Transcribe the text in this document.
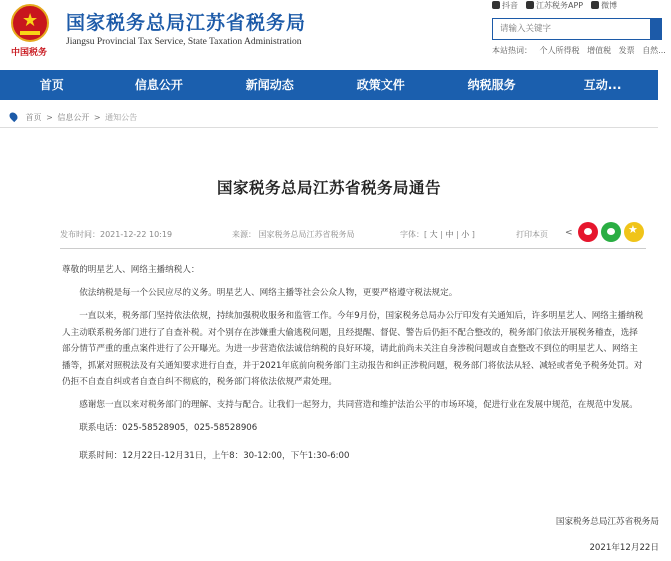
★
中国税务
国家税务总局江苏省税务局
Jiangsu Provincial Tax Service, State Taxation Administration
抖音	江苏税务APP	微博
请输入关键字
本站热词： 个人所得税 增值税 发票 自然...
首页	信息公开	新闻动态	政策文件	纳税服务	互动...
首页 > 信息公开 > 通知公告
国家税务总局江苏省税务局通告
发布时间：2021-12-22 10:19	来源： 国家税务总局江苏省税务局	字体：[ 大 | 中 | 小 ]	打印本页 <
★

尊敬的明星艺人、网络主播纳税人：

依法纳税是每一个公民应尽的义务。明星艺人、网络主播等社会公众人物，更要严格遵守税法规定。

一直以来，税务部门坚持依法依规，持续加强税收服务和监管工作。今年9月份，国家税务总局办公厅印发有关通知后，许多明星艺人、网络主播纳税人主动联系税务部门进行了自查补税。对个别存在涉嫌重大偷逃税问题，且经提醒、督促、警告后仍拒不配合整改的，税务部门依法开展税务稽查，选择部分情节严重的重点案件进行了公开曝光。为进一步营造依法诚信纳税的良好环境，请此前尚未关注自身涉税问题或自查整改不到位的明星艺人、网络主播等，抓紧对照税法及有关通知要求进行自查，并于2021年底前向税务部门主动报告和纠正涉税问题，税务部门将依法从轻、减轻或者免予税务处罚。对仍拒不自查自纠或者自查自纠不彻底的，税务部门将依法依规严肃处理。

感谢您一直以来对税务部门的理解、支持与配合。让我们一起努力，共同营造和维护法治公平的市场环境，促进行业在发展中规范，在规范中发展。

联系电话：025-58528905，025-58528906

联系时间：12月22日-12月31日，上午8：30-12:00，下午1:30-6:00

国家税务总局江苏省税务局
2021年12月22日
